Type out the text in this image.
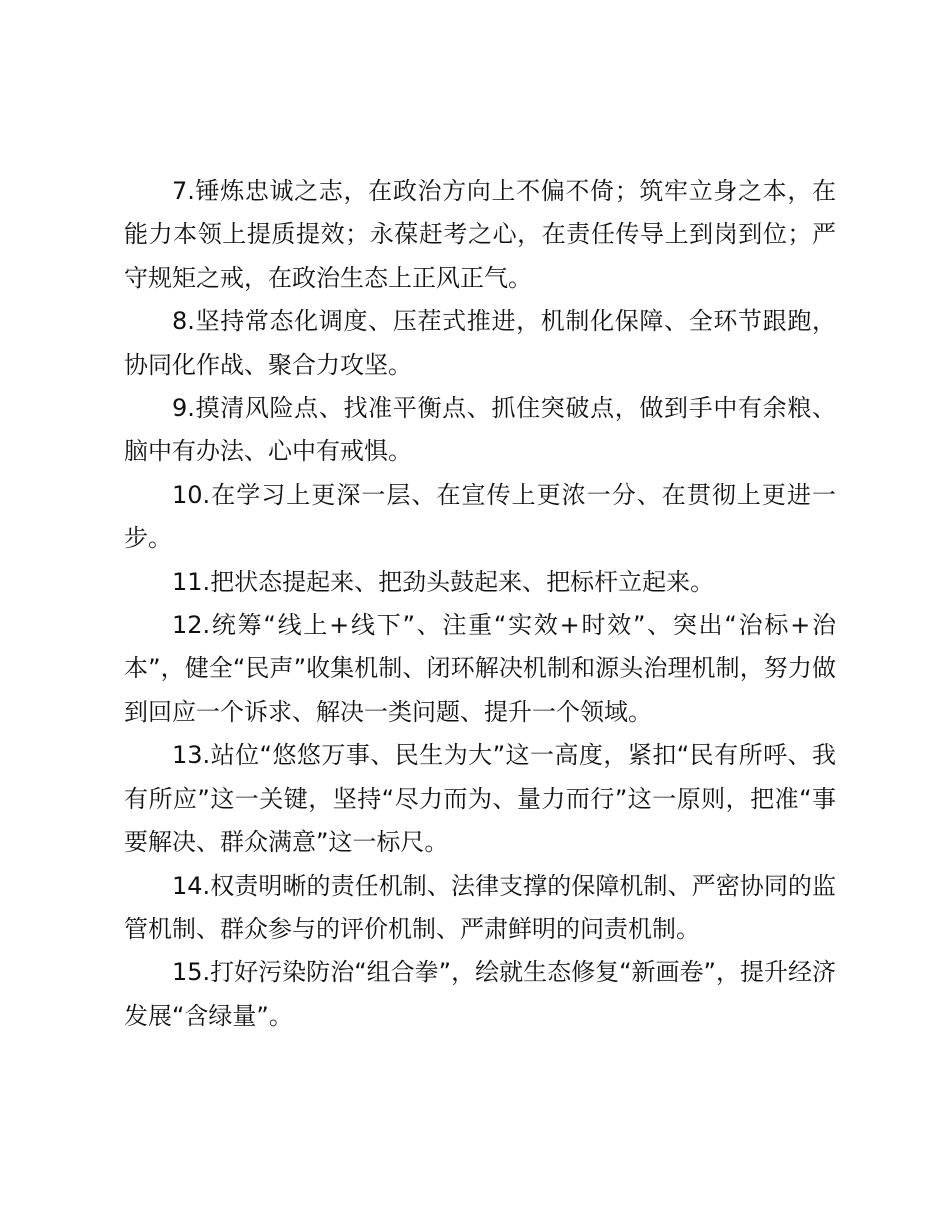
7.锤炼忠诚之志，在政治方向上不偏不倚；筑牢立身之本，在能力本领上提质提效；永葆赶考之心，在责任传导上到岗到位；严守规矩之戒，在政治生态上正风正气。

8.坚持常态化调度、压茬式推进，机制化保障、全环节跟跑，协同化作战、聚合力攻坚。

9.摸清风险点、找准平衡点、抓住突破点，做到手中有余粮、脑中有办法、心中有戒惧。

10.在学习上更深一层、在宣传上更浓一分、在贯彻上更进一步。

11.把状态提起来、把劲头鼓起来、把标杆立起来。

12.统筹“线上+线下”、注重“实效+时效”、突出“治标+治本”，健全“民声”收集机制、闭环解决机制和源头治理机制，努力做到回应一个诉求、解决一类问题、提升一个领域。

13.站位“悠悠万事、民生为大”这一高度，紧扣“民有所呼、我有所应”这一关键，坚持“尽力而为、量力而行”这一原则，把准“事要解决、群众满意”这一标尺。

14.权责明晰的责任机制、法律支撑的保障机制、严密协同的监管机制、群众参与的评价机制、严肃鲜明的问责机制。

15.打好污染防治“组合拳”，绘就生态修复“新画卷”，提升经济发展“含绿量”。
